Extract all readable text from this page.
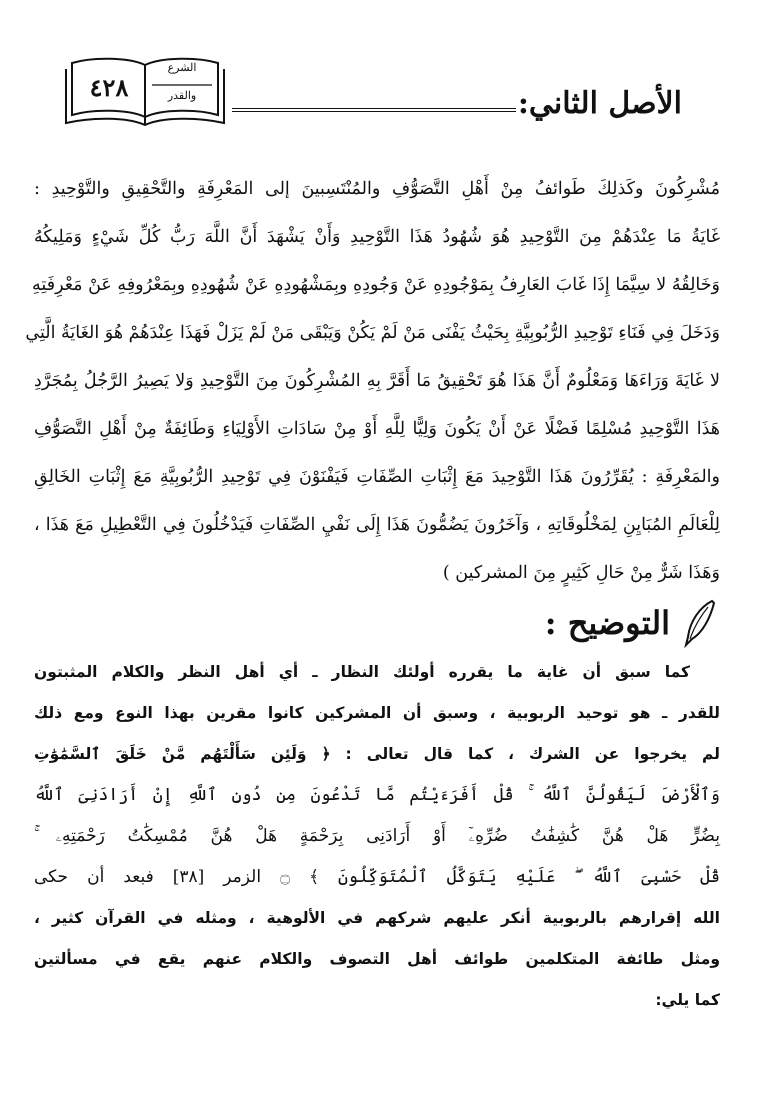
الأصل الثاني:
٤٢٨
الشرع
والقدر
مُشْرِكُونَ وكَذلِكَ طَوائفُ مِنْ أَهْلِ التَّصَوُّفِ والمُنْتَسِبينَ إلى المَعْرِفَةِ والتَّحْقِيقِ والتَّوْحِيدِ :
غَايَةُ مَا عِنْدَهُمْ مِنَ التَّوْحِيدِ هُوَ شُهُودُ هَذَا التَّوْحِيدِ وَأَنْ يَشْهَدَ أَنَّ اللَّهَ رَبُّ كُلِّ شَيْءٍ وَمَلِيكُهُ
وَخَالِقُهُ لا سِيَّمَا إِذَا غَابَ العَارِفُ بِمَوْجُودِهِ عَنْ وَجُودِهِ وبِمَشْهُودِهِ عَنْ شُهُودِهِ وبِمَعْرُوفِهِ عَنْ مَعْرِفَتِهِ
وَدَخَلَ فِي فَنَاءِ تَوْحِيدِ الرُّبُوبِيَّةِ بِحَيْثُ يَفْنَى مَنْ لَمْ يَكُنْ وَيَبْقَى مَنْ لَمْ يَزَلْ فَهَذَا عِنْدَهُمْ هُوَ الغَايَةُ الَّتِي
لا غَايَةَ وَرَاءَهَا وَمَعْلُومٌ أَنَّ هَذَا هُوَ تَحْقِيقُ مَا أَقَرَّ بِهِ المُشْرِكُونَ مِنَ التَّوْحِيدِ وَلا يَصِيرُ الرَّجُلُ بِمُجَرَّدِ
هَذَا التَّوْحِيدِ مُسْلِمًا فَضْلًا عَنْ أَنْ يَكُونَ وَلِيًّا لِلَّهِ أَوْ مِنْ سَادَاتِ الأَوْلِيَاءِ وَطَائِفَةٌ مِنْ أَهْلِ التَّصَوُّفِ
والمَعْرِفَةِ : يُقَرِّرُونَ هَذَا التَّوْحِيدَ مَعَ إِثْبَاتِ الصِّفَاتِ فَيَفْنَوْنَ فِي تَوْحِيدِ الرُّبُوبِيَّةِ مَعَ إِثْبَاتِ الخَالِقِ
لِلْعَالَمِ المُبَايِنِ لِمَخْلُوقَاتِهِ ، وَآخَرُونَ يَضُمُّونَ هَذَا إِلَى نَفْيِ الصِّفَاتِ فَيَدْخُلُونَ فِي التَّعْطِيلِ مَعَ هَذَا ،
وَهَذَا شَرٌّ مِنْ حَالِ كَثِيرٍ مِنَ المشركين )
التوضيح :
كما سبق أن غاية ما يقرره أولئك النظار ـ أي أهل النظر والكلام المثبتون
للقدر ـ هو توحيد الربوبية ، وسبق أن المشركين كانوا مقرين بهذا النوع ومع ذلك
لم يخرجوا عن الشرك ، كما قال تعالى : ﴿ وَلَئِن سَأَلْتَهُم مَّنْ خَلَقَ ٱلسَّمَٰوَٰتِ
وَٱلْأَرْضَ لَيَقُولُنَّ ٱللَّهُ ۚ قُلْ أَفَرَءَيْتُم مَّا تَدْعُونَ مِن دُونِ ٱللَّهِ إِنْ أَرَادَنِىَ ٱللَّهُ
بِضُرٍّ هَلْ هُنَّ كَٰشِفَٰتُ ضُرِّهِۦٓ أَوْ أَرَادَنِى بِرَحْمَةٍ هَلْ هُنَّ مُمْسِكَٰتُ رَحْمَتِهِۦ ۚ
قُلْ حَسْبِىَ ٱللَّهُ ۖ عَلَيْهِ يَتَوَكَّلُ ٱلْمُتَوَكِّلُونَ ﴾ ۝ الزمر [٣٨] فبعد أن حكى
الله إقرارهم بالربوبية أنكر عليهم شركهم في الألوهية ، ومثله في القرآن كثير ،
ومثل طائفة المتكلمين طوائف أهل التصوف والكلام عنهم يقع في مسألتين
كما يلي:
